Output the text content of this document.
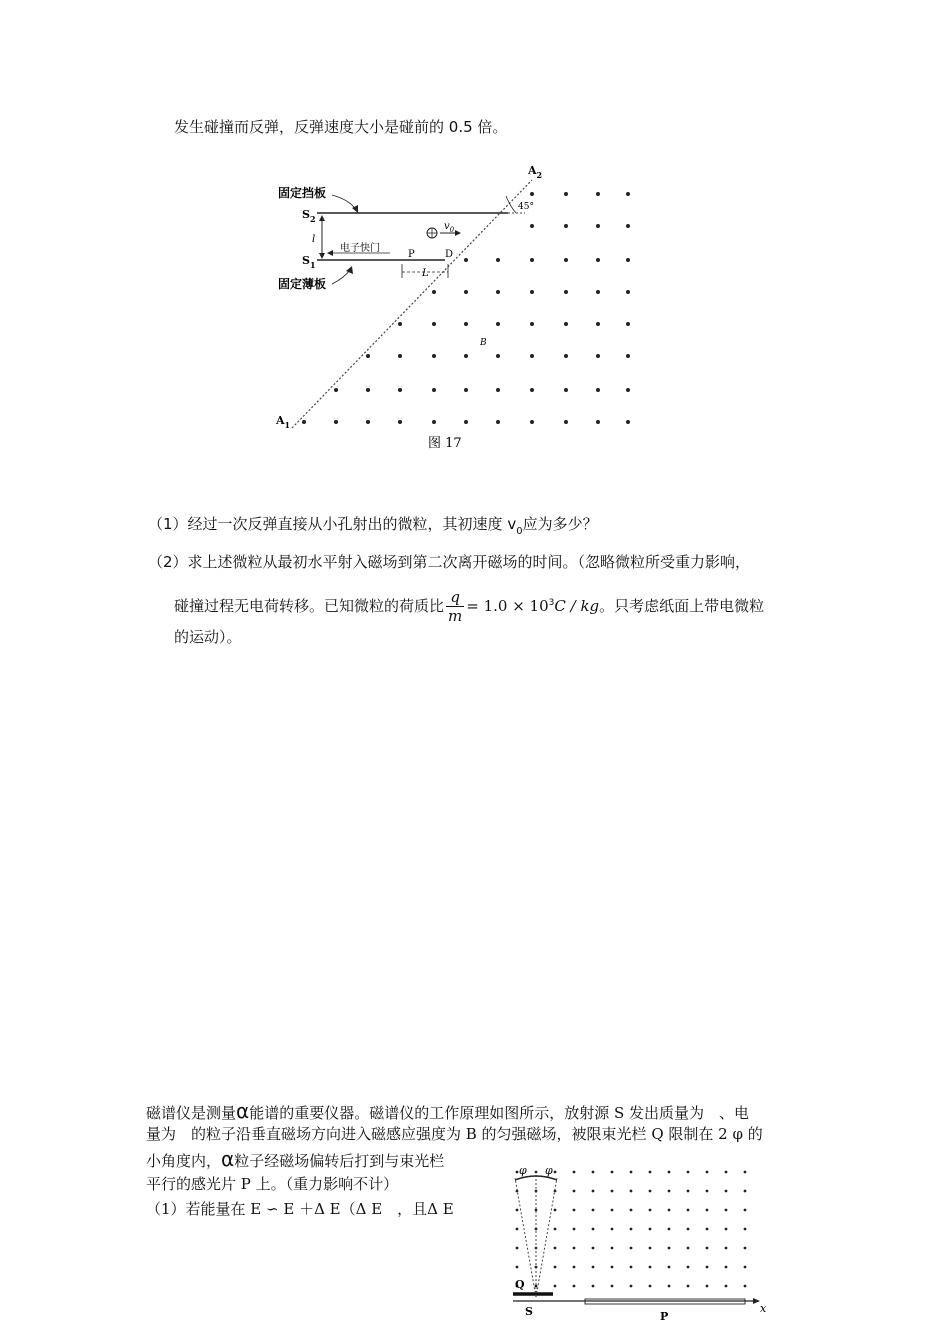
发生碰撞而反弹，反弹速度大小是碰前的 0.5 倍。
$A_2$
$A_1$
固定挡板
固定薄板
$S_2$
$S_1$
l
电子快门
P	D
L
$v_0$
45°
B
图 17
（1）经过一次反弹直接从小孔射出的微粒，其初速度 $v_0$应为多少？
（2）求上述微粒从最初水平射入磁场到第二次离开磁场的时间。（忽略微粒所受重力影响，
碰撞过程无电荷转移。已知微粒的荷质比 $\frac{q}{m} = 1.0 \times 10^3C$ / kg。只考虑纸面上带电微粒
的运动）。
磁谱仪是测量α能谱的重要仪器。磁谱仪的工作原理如图所示，放射源 S 发出质量为　、电
量为　的粒子沿垂直磁场方向进入磁感应强度为 B 的匀强磁场，被限束光栏 Q 限制在 2 φ 的
小角度内，α粒子经磁场偏转后打到与束光栏
平行的感光片 P 上。（重力影响不计）
（1）若能量在 E ∽ E ＋Δ E（Δ E　，且Δ E
φ φ
Q
S	P
x
